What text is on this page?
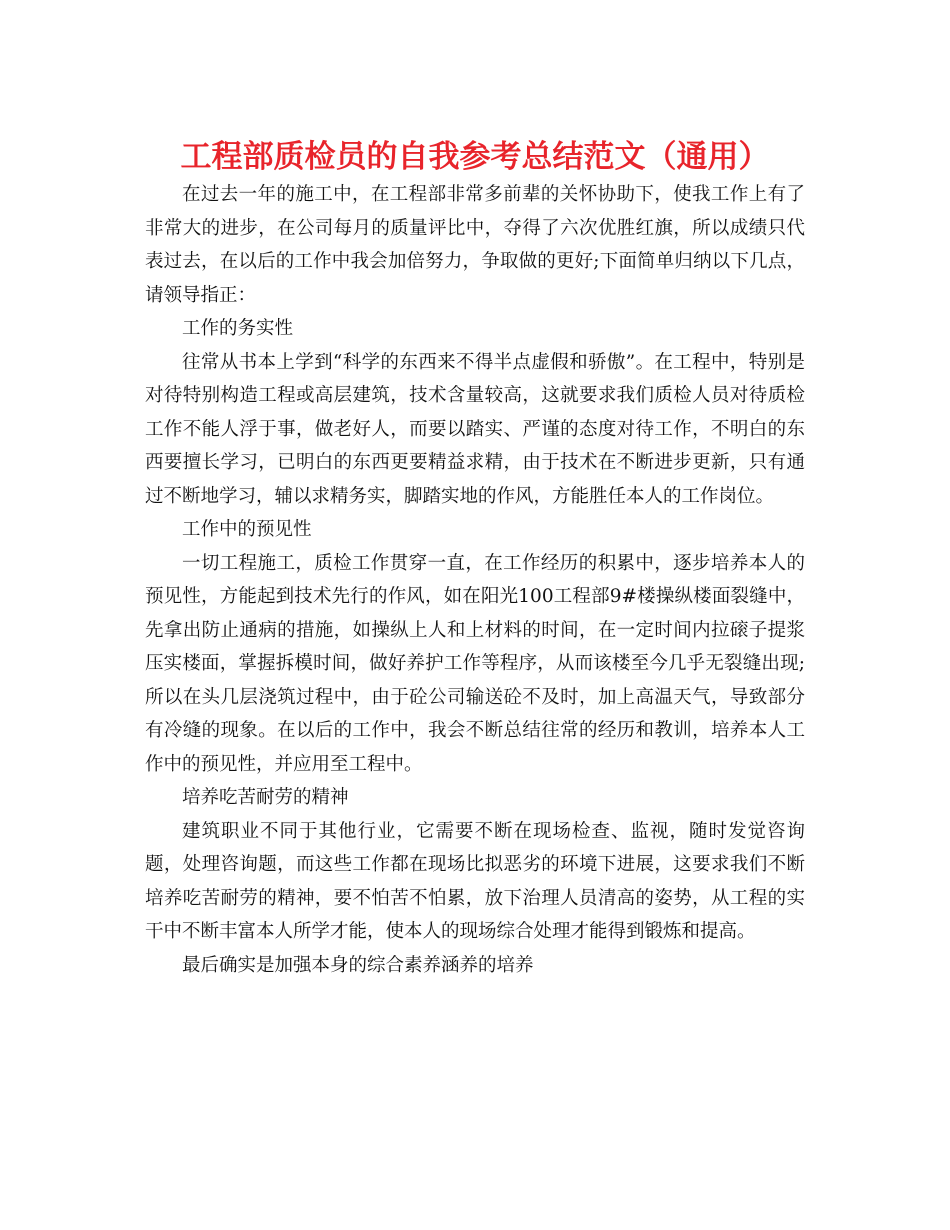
工程部质检员的自我参考总结范文（通用）

在过去一年的施工中，在工程部非常多前辈的关怀协助下，使我工作上有了非常大的进步，在公司每月的质量评比中，夺得了六次优胜红旗，所以成绩只代表过去，在以后的工作中我会加倍努力，争取做的更好;下面简单归纳以下几点，请领导指正：

工作的务实性

往常从书本上学到“科学的东西来不得半点虚假和骄傲”。在工程中，特别是对待特别构造工程或高层建筑，技术含量较高，这就要求我们质检人员对待质检工作不能人浮于事，做老好人，而要以踏实、严谨的态度对待工作，不明白的东西要擅长学习，已明白的东西更要精益求精，由于技术在不断进步更新，只有通过不断地学习，辅以求精务实，脚踏实地的作风，方能胜任本人的工作岗位。

工作中的预见性

一切工程施工，质检工作贯穿一直，在工作经历的积累中，逐步培养本人的预见性，方能起到技术先行的作风，如在阳光100工程部9#楼操纵楼面裂缝中，先拿出防止通病的措施，如操纵上人和上材料的时间，在一定时间内拉磙子提浆压实楼面，掌握拆模时间，做好养护工作等程序，从而该楼至今几乎无裂缝出现;所以在头几层浇筑过程中，由于砼公司输送砼不及时，加上高温天气，导致部分有冷缝的现象。在以后的工作中，我会不断总结往常的经历和教训，培养本人工作中的预见性，并应用至工程中。

培养吃苦耐劳的精神

建筑职业不同于其他行业，它需要不断在现场检查、监视，随时发觉咨询题，处理咨询题，而这些工作都在现场比拟恶劣的环境下进展，这要求我们不断培养吃苦耐劳的精神，要不怕苦不怕累，放下治理人员清高的姿势，从工程的实干中不断丰富本人所学才能，使本人的现场综合处理才能得到锻炼和提高。

最后确实是加强本身的综合素养涵养的培养
